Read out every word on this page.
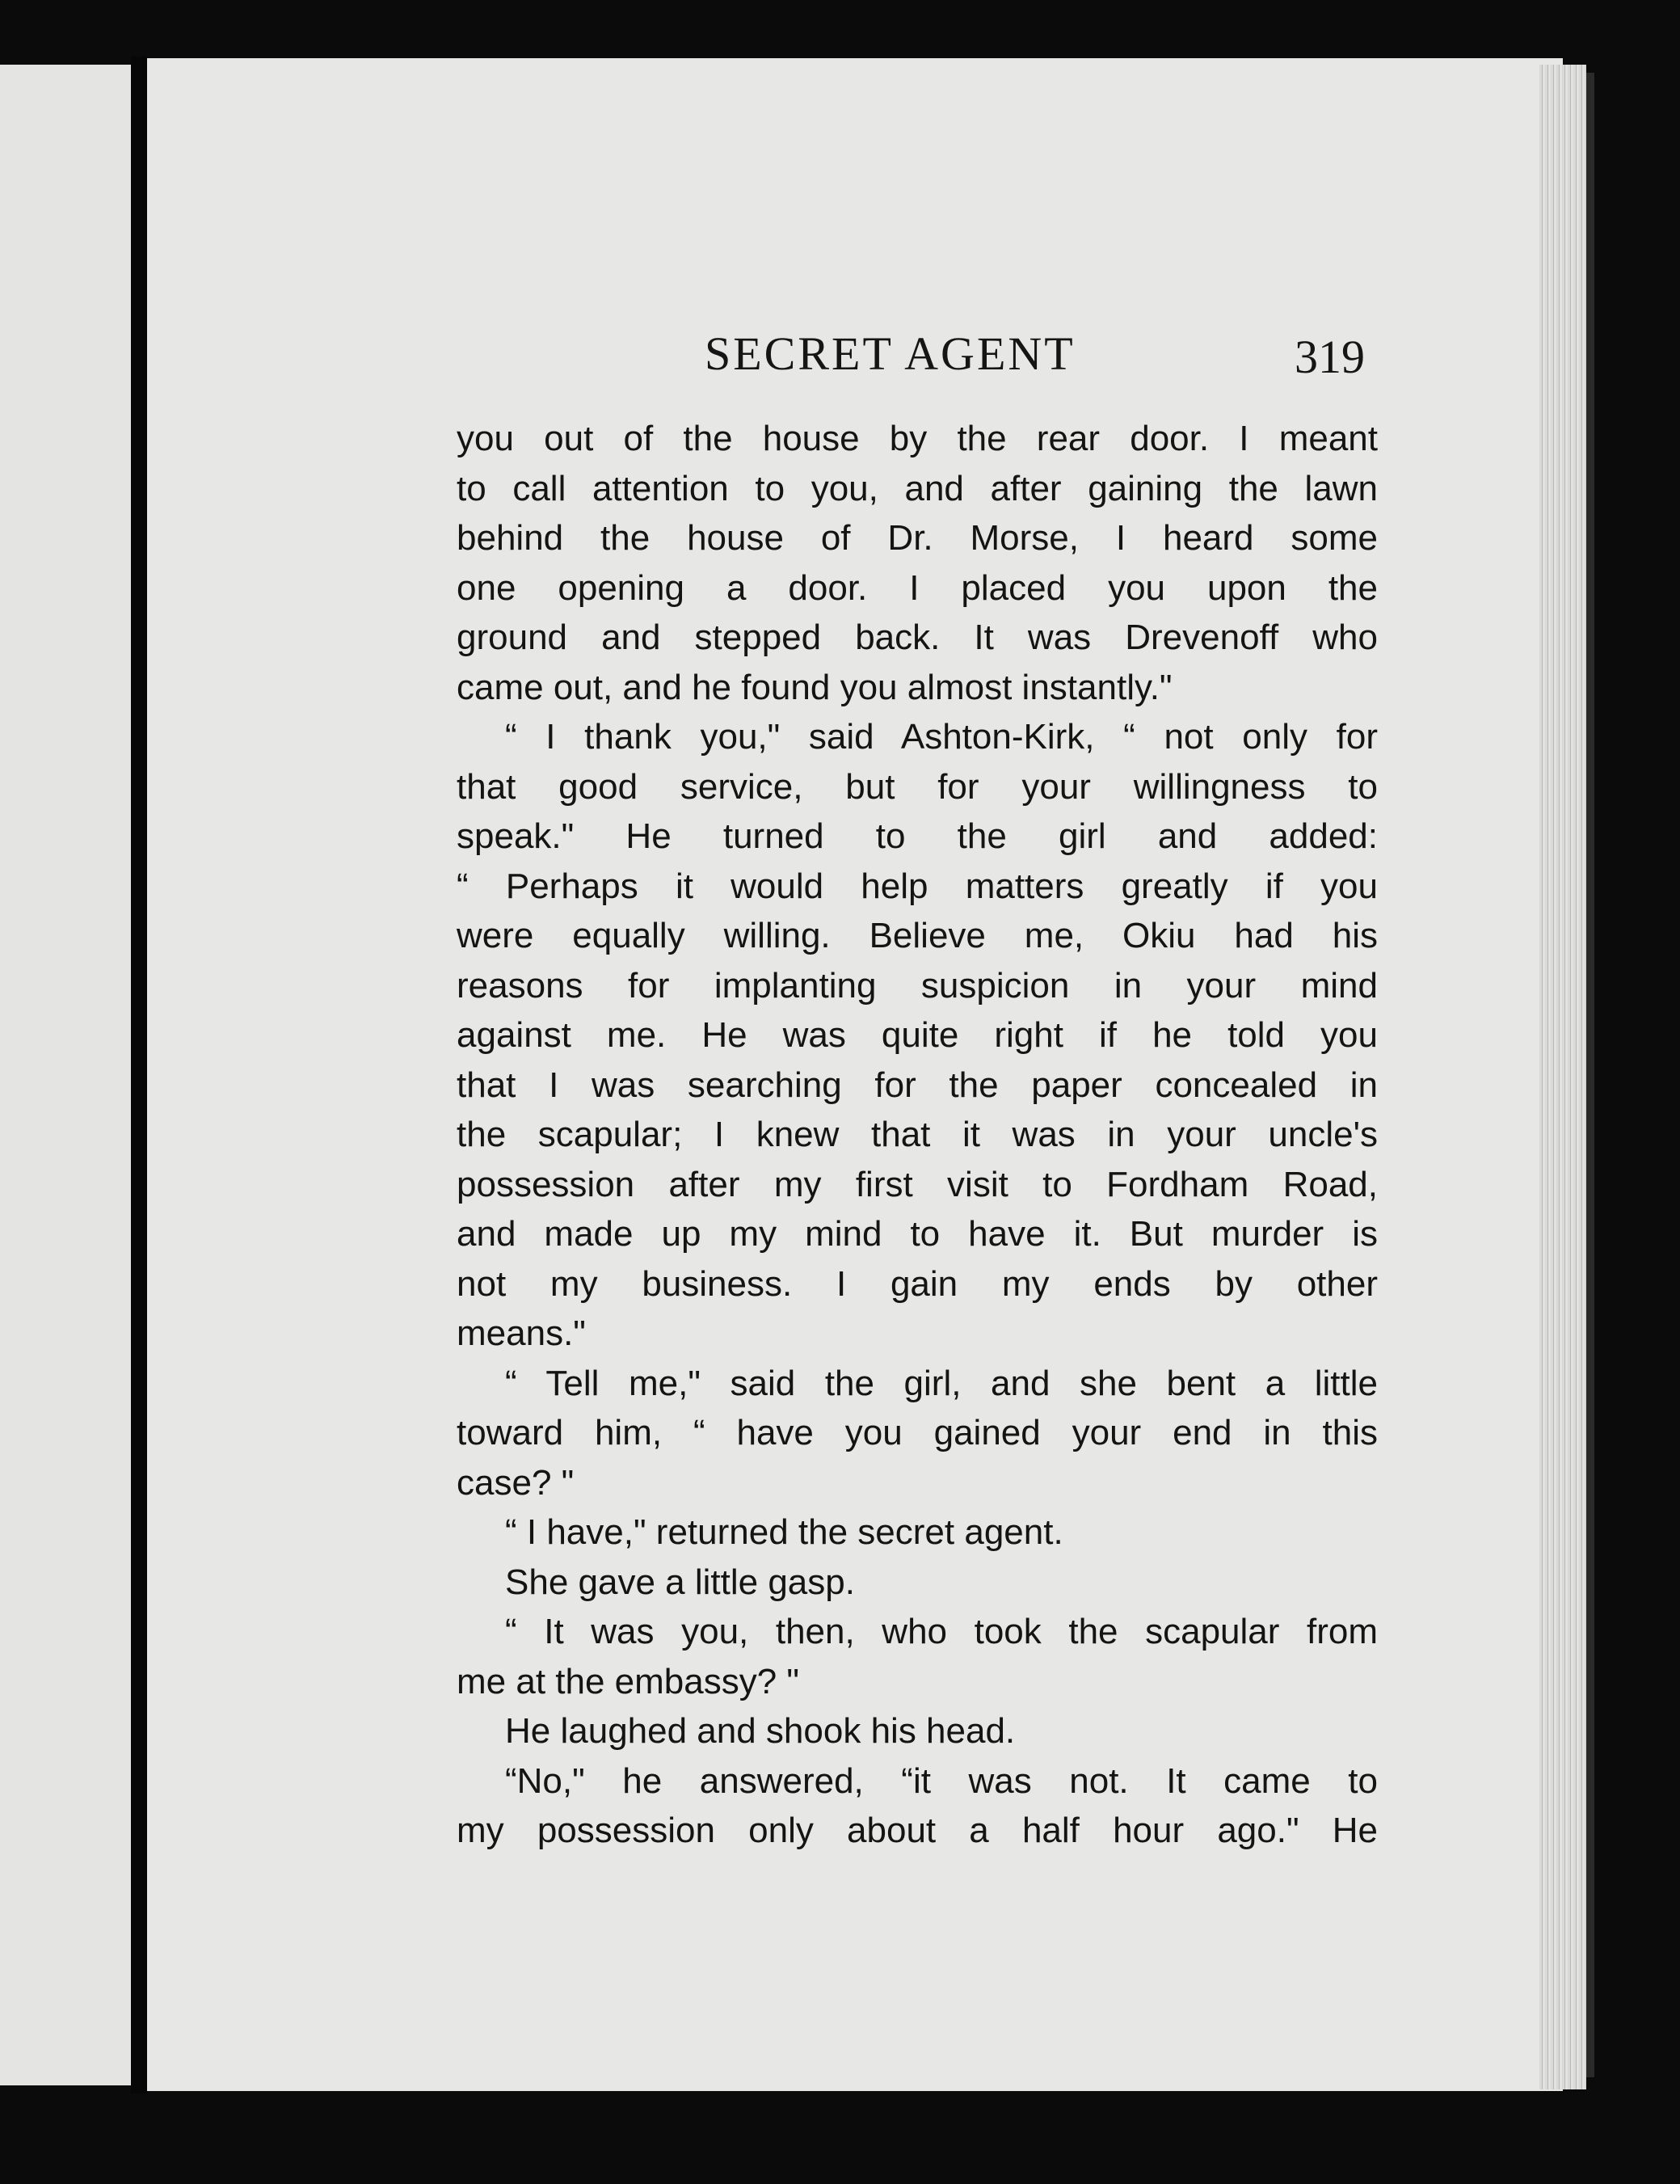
SECRET AGENT	319
you out of the house by the rear door. I meant
to call attention to you, and after gaining the lawn
behind the house of Dr. Morse, I heard some
one opening a door. I placed you upon the
ground and stepped back. It was Drevenoff who
came out, and he found you almost instantly."
“ I thank you," said Ashton-Kirk, “ not only for
that good service, but for your willingness to
speak." He turned to the girl and added:
“ Perhaps it would help matters greatly if you
were equally willing. Believe me, Okiu had his
reasons for implanting suspicion in your mind
against me. He was quite right if he told you
that I was searching for the paper concealed in
the scapular; I knew that it was in your uncle's
possession after my first visit to Fordham Road,
and made up my mind to have it. But murder is
not my business. I gain my ends by other
means."
“ Tell me," said the girl, and she bent a little
toward him, “ have you gained your end in this
case? "
“ I have," returned the secret agent.
She gave a little gasp.
“ It was you, then, who took the scapular from
me at the embassy? "
He laughed and shook his head.
“No," he answered, “it was not. It came to
my possession only about a half hour ago." He
